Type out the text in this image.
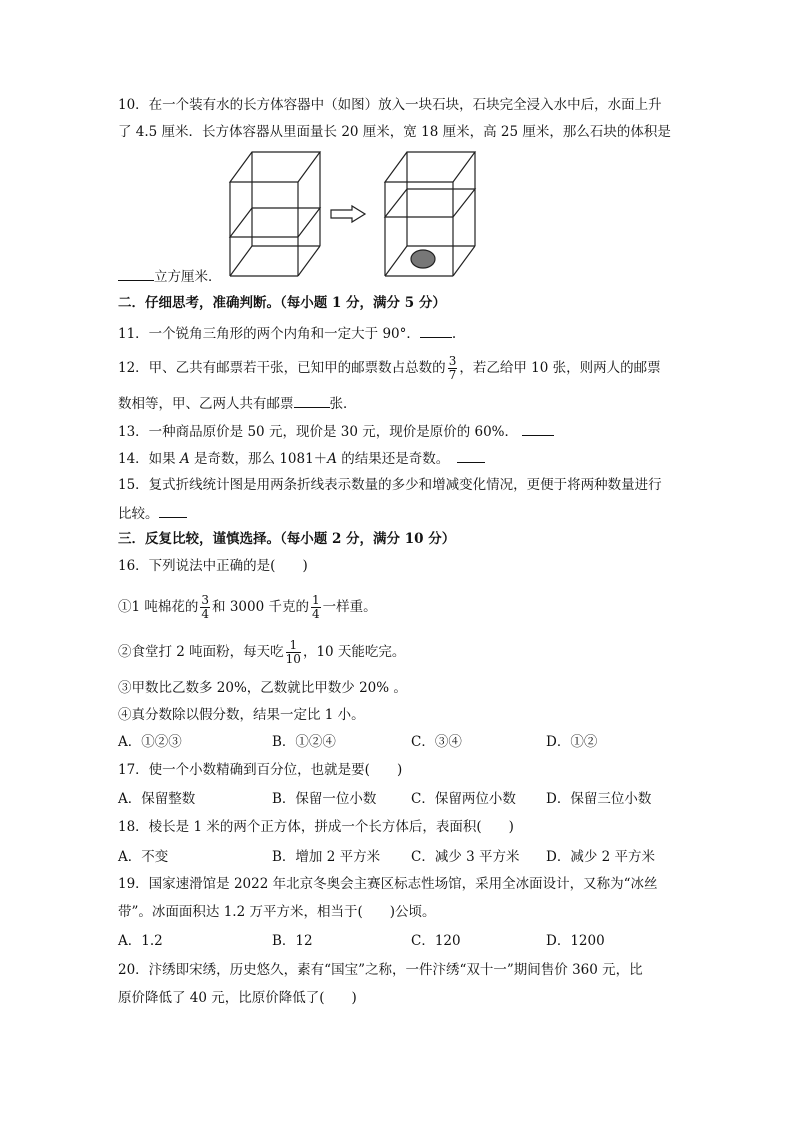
10．在一个装有水的长方体容器中（如图）放入一块石块，石块完全浸入水中后，水面上升
了 4.5 厘米．长方体容器从里面量长 20 厘米，宽 18 厘米，高 25 厘米，那么石块的体积是
立方厘米．
二．仔细思考，准确判断。（每小题 1 分，满分 5 分）
11．一个锐角三角形的两个内角和一定大于 90°． .
12．甲、乙共有邮票若干张，已知甲的邮票数占总数的 $\frac{3}{7}$ ，若乙给甲 10 张，则两人的邮票
数相等，甲、乙两人共有邮票	张．
13．一种商品原价是 50 元，现价是 30 元，现价是原价的 60%．
14．如果 A 是奇数，那么 1081＋A 的结果还是奇数。
15．复式折线统计图是用两条折线表示数量的多少和增减变化情况，更便于将两种数量进行
比较。
三．反复比较，谨慎选择。（每小题 2 分，满分 10 分）
16．下列说法中正确的是(　　)
①1 吨棉花的 $\frac{3}{4}$ 和 3000 千克的 $\frac{1}{4}$ 一样重。
②食堂打 2 吨面粉，每天吃 $\frac{1}{10}$ ，10 天能吃完。
③甲数比乙数多 20%，乙数就比甲数少 20% 。
④真分数除以假分数，结果一定比 1 小。
A．①②③	B．①②④	C．③④	D．①②
17．使一个小数精确到百分位，也就是要(　　)
A．保留整数	B．保留一位小数	C．保留两位小数 D．保留三位小数
18．棱长是 1 米的两个正方体，拼成一个长方体后，表面积(　　)
A．不变	B．增加 2 平方米 C．减少 3 平方米 D．减少 2 平方米
19．国家速滑馆是 2022 年北京冬奥会主赛区标志性场馆，采用全冰面设计，又称为“冰丝
带”。冰面面积达 1.2 万平方米，相当于(　　)公顷。
A．1.2	B．12	C．120	D．1200
20．汴绣即宋绣，历史悠久，素有“国宝”之称，一件汴绣“双十一”期间售价 360 元，比
原价降低了 40 元，比原价降低了(　　)
